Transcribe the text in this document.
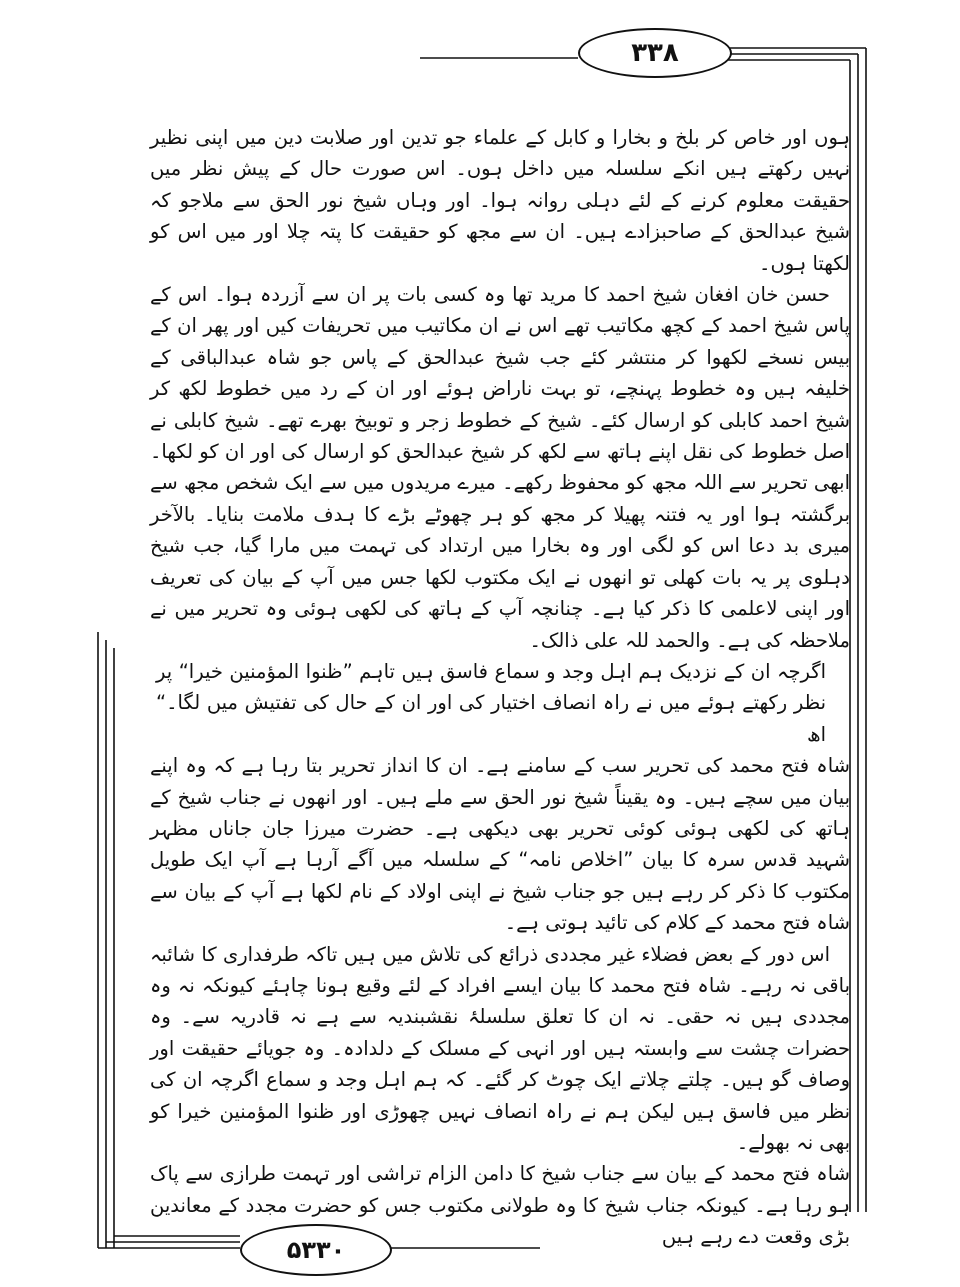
۳۳۸

ہوں اور خاص کر بلخ و بخارا و کابل کے علماء جو تدین اور صلابت دین میں اپنی نظیر نہیں رکھتے ہیں انکے سلسلہ میں داخل ہوں۔ اس صورت حال کے پیش نظر میں حقیقت معلوم کرنے کے لئے دہلی روانہ ہوا۔ اور وہاں شیخ نور الحق سے ملاجو کہ شیخ عبدالحق کے صاحبزادے ہیں۔ ان سے مجھ کو حقیقت کا پتہ چلا اور میں اس کو لکھتا ہوں۔

حسن خان افغان شیخ احمد کا مرید تھا وہ کسی بات پر ان سے آزردہ ہوا۔ اس کے پاس شیخ احمد کے کچھ مکاتیب تھے اس نے ان مکاتیب میں تحریفات کیں اور پھر ان کے بیس نسخے لکھوا کر منتشر کئے جب شیخ عبدالحق کے پاس جو شاہ عبدالباقی کے خلیفہ ہیں وہ خطوط پہنچے، تو بہت ناراض ہوئے اور ان کے رد میں خطوط لکھ کر شیخ احمد کابلی کو ارسال کئے۔ شیخ کے خطوط زجر و توبیخ بھرے تھے۔ شیخ کابلی نے اصل خطوط کی نقل اپنے ہاتھ سے لکھ کر شیخ عبدالحق کو ارسال کی اور ان کو لکھا۔ ابھی تحریر سے اللہ مجھ کو محفوظ رکھے۔ میرے مریدوں میں سے ایک شخص مجھ سے برگشتہ ہوا اور یہ فتنہ پھیلا کر مجھ کو ہر چھوٹے بڑے کا ہدف ملامت بنایا۔ بالآخر میری بد دعا اس کو لگی اور وہ بخارا میں ارتداد کی تہمت میں مارا گیا، جب شیخ دہلوی پر یہ بات کھلی تو انھوں نے ایک مکتوب لکھا جس میں آپ کے بیان کی تعریف اور اپنی لاعلمی کا ذکر کیا ہے۔ چنانچہ آپ کے ہاتھ کی لکھی ہوئی وہ تحریر میں نے ملاحظہ کی ہے۔ والحمد للہ علی ذالک۔

اگرچہ ان کے نزدیک ہم اہل وجد و سماع فاسق ہیں تاہم ”ظنوا المؤمنین خیرا“ پر نظر رکھتے ہوئے میں نے راہ انصاف اختیار کی اور ان کے حال کی تفتیش میں لگا۔“ اھ

شاہ فتح محمد کی تحریر سب کے سامنے ہے۔ ان کا انداز تحریر بتا رہا ہے کہ وہ اپنے بیان میں سچے ہیں۔ وہ یقیناً شیخ نور الحق سے ملے ہیں۔ اور انھوں نے جناب شیخ کے ہاتھ کی لکھی ہوئی کوئی تحریر بھی دیکھی ہے۔ حضرت میرزا جان جاناں مظہر شہید قدس سرہ کا بیان ”اخلاص نامہ“ کے سلسلہ میں آگے آرہا ہے آپ ایک طویل مکتوب کا ذکر کر رہے ہیں جو جناب شیخ نے اپنی اولاد کے نام لکھا ہے آپ کے بیان سے شاہ فتح محمد کے کلام کی تائید ہوتی ہے۔

اس دور کے بعض فضلاء غیر مجددی ذرائع کی تلاش میں ہیں تاکہ طرفداری کا شائبہ باقی نہ رہے۔ شاہ فتح محمد کا بیان ایسے افراد کے لئے وقیع ہونا چاہئے کیونکہ نہ وہ مجددی ہیں نہ حقی۔ نہ ان کا تعلق سلسلۂ نقشبندیہ سے ہے نہ قادریہ سے۔ وہ حضرات چشت سے وابستہ ہیں اور انہی کے مسلک کے دلدادہ۔ وہ جویائے حقیقت اور وصاف گو ہیں۔ چلتے چلاتے ایک چوٹ کر گئے۔ کہ ہم اہل وجد و سماع اگرچہ ان کی نظر میں فاسق ہیں لیکن ہم نے راہ انصاف نہیں چھوڑی اور ظنوا المؤمنین خیرا کو بھی نہ بھولے۔

شاہ فتح محمد کے بیان سے جناب شیخ کا دامن الزام تراشی اور تہمت طرازی سے پاک ہو رہا ہے۔ کیونکہ جناب شیخ کا وہ طولانی مکتوب جس کو حضرت مجدد کے معاندین بڑی وقعت دے رہے ہیں

۵۳۳۰
